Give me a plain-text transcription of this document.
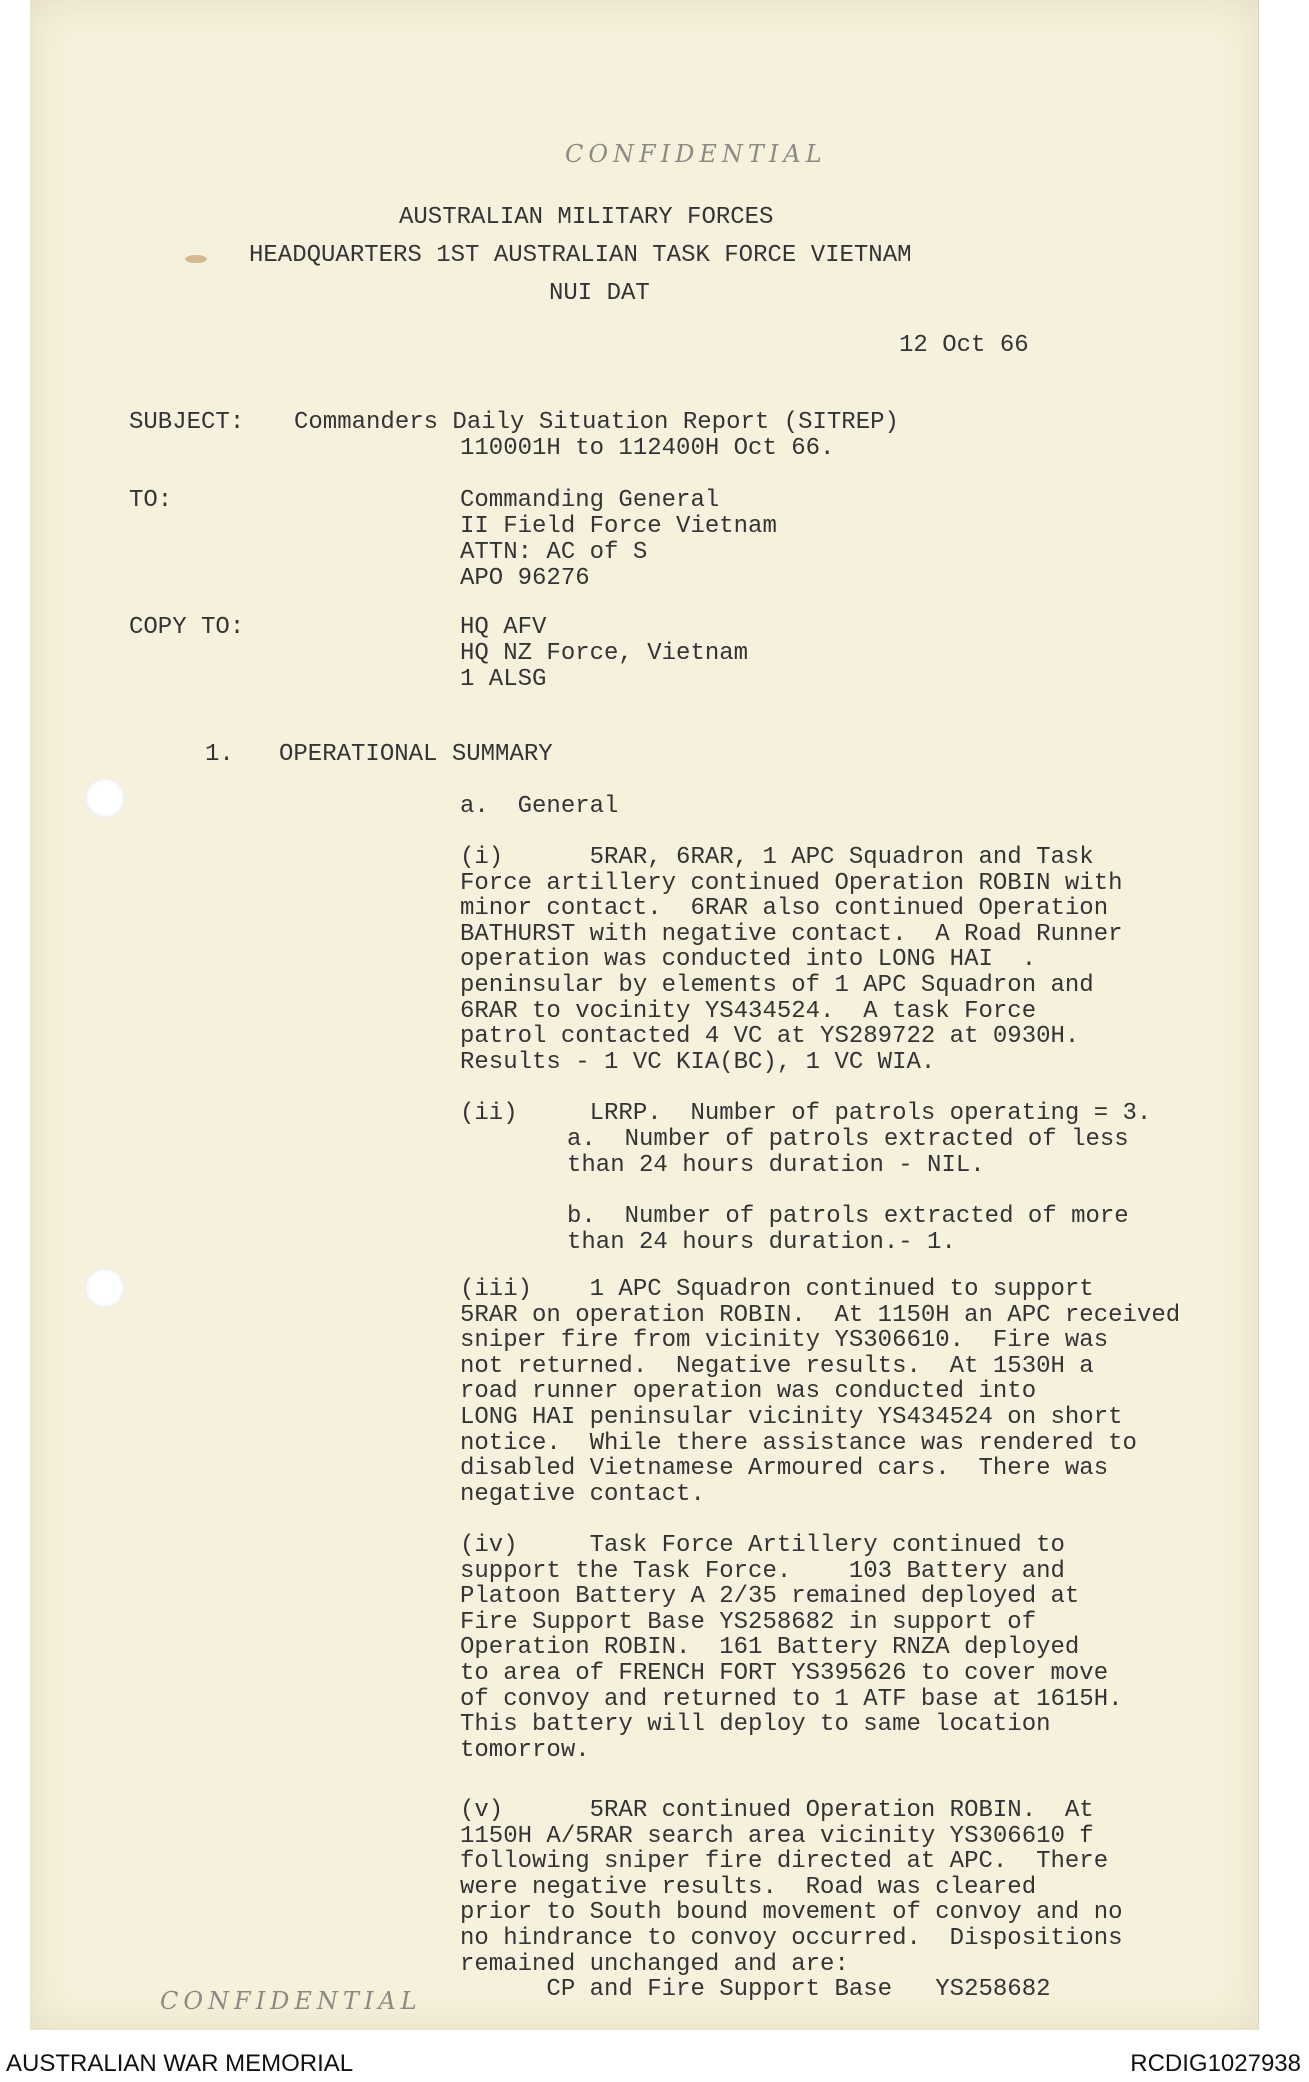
CONFIDENTIAL
AUSTRALIAN MILITARY FORCES
HEADQUARTERS 1ST AUSTRALIAN TASK FORCE VIETNAM
NUI DAT
12 Oct 66
SUBJECT: Commanders Daily Situation Report (SITREP)
110001H to 112400H Oct 66.
TO:	Commanding General
II Field Force Vietnam
ATTN: AC of S
APO 96276
COPY TO:	HQ AFV
HQ NZ Force, Vietnam
1 ALSG
1. OPERATIONAL SUMMARY
a.  General
(i)      5RAR, 6RAR, 1 APC Squadron and Task
Force artillery continued Operation ROBIN with
minor contact.  6RAR also continued Operation
BATHURST with negative contact.  A Road Runner
operation was conducted into LONG HAI  .
peninsular by elements of 1 APC Squadron and
6RAR to vocinity YS434524.  A task Force
patrol contacted 4 VC at YS289722 at 0930H.
Results - 1 VC KIA(BC), 1 VC WIA.
(ii)     LRRP.  Number of patrols operating = 3.
a.  Number of patrols extracted of less
than 24 hours duration - NIL.
b.  Number of patrols extracted of more
than 24 hours duration.- 1.
(iii)    1 APC Squadron continued to support
5RAR on operation ROBIN.  At 1150H an APC received
sniper fire from vicinity YS306610.  Fire was
not returned.  Negative results.  At 1530H a
road runner operation was conducted into
LONG HAI peninsular vicinity YS434524 on short
notice.  While there assistance was rendered to
disabled Vietnamese Armoured cars.  There was
negative contact.
(iv)     Task Force Artillery continued to
support the Task Force.    103 Battery and
Platoon Battery A 2/35 remained deployed at
Fire Support Base YS258682 in support of
Operation ROBIN.  161 Battery RNZA deployed
to area of FRENCH FORT YS395626 to cover move
of convoy and returned to 1 ATF base at 1615H.
This battery will deploy to same location
tomorrow.
(v)      5RAR continued Operation ROBIN.  At
1150H A/5RAR search area vicinity YS306610 f
following sniper fire directed at APC.  There
were negative results.  Road was cleared
prior to South bound movement of convoy and no
no hindrance to convoy occurred.  Dispositions
remained unchanged and are:
CP and Fire Support Base   YS258682
CONFIDENTIAL
AUSTRALIAN WAR MEMORIAL	RCDIG1027938
